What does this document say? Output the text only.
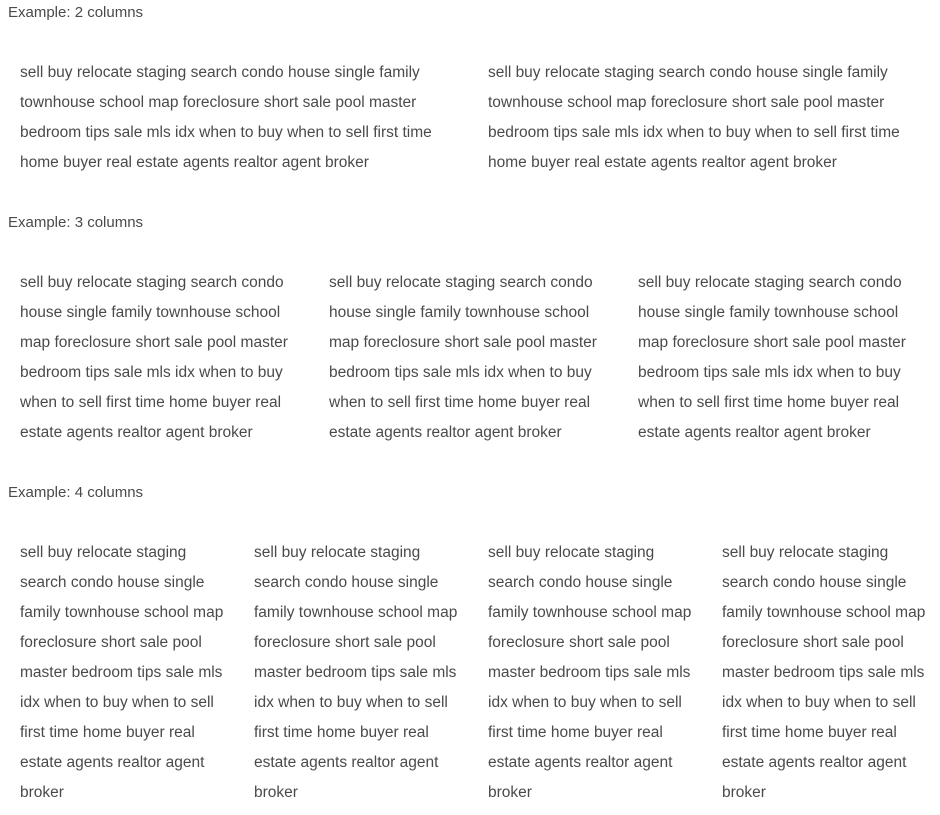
Example: 2 columns

sell buy relocate staging search condo house single family townhouse school map foreclosure short sale pool master bedroom tips sale mls idx when to buy when to sell first time home buyer real estate agents realtor agent broker

sell buy relocate staging search condo house single family townhouse school map foreclosure short sale pool master bedroom tips sale mls idx when to buy when to sell first time home buyer real estate agents realtor agent broker

Example: 3 columns

sell buy relocate staging search condo house single family townhouse school map foreclosure short sale pool master bedroom tips sale mls idx when to buy when to sell first time home buyer real estate agents realtor agent broker

sell buy relocate staging search condo house single family townhouse school map foreclosure short sale pool master bedroom tips sale mls idx when to buy when to sell first time home buyer real estate agents realtor agent broker

sell buy relocate staging search condo house single family townhouse school map foreclosure short sale pool master bedroom tips sale mls idx when to buy when to sell first time home buyer real estate agents realtor agent broker

Example: 4 columns

sell buy relocate staging search condo house single family townhouse school map foreclosure short sale pool master bedroom tips sale mls idx when to buy when to sell first time home buyer real estate agents realtor agent broker

sell buy relocate staging search condo house single family townhouse school map foreclosure short sale pool master bedroom tips sale mls idx when to buy when to sell first time home buyer real estate agents realtor agent broker

sell buy relocate staging search condo house single family townhouse school map foreclosure short sale pool master bedroom tips sale mls idx when to buy when to sell first time home buyer real estate agents realtor agent broker

sell buy relocate staging search condo house single family townhouse school map foreclosure short sale pool master bedroom tips sale mls idx when to buy when to sell first time home buyer real estate agents realtor agent broker
